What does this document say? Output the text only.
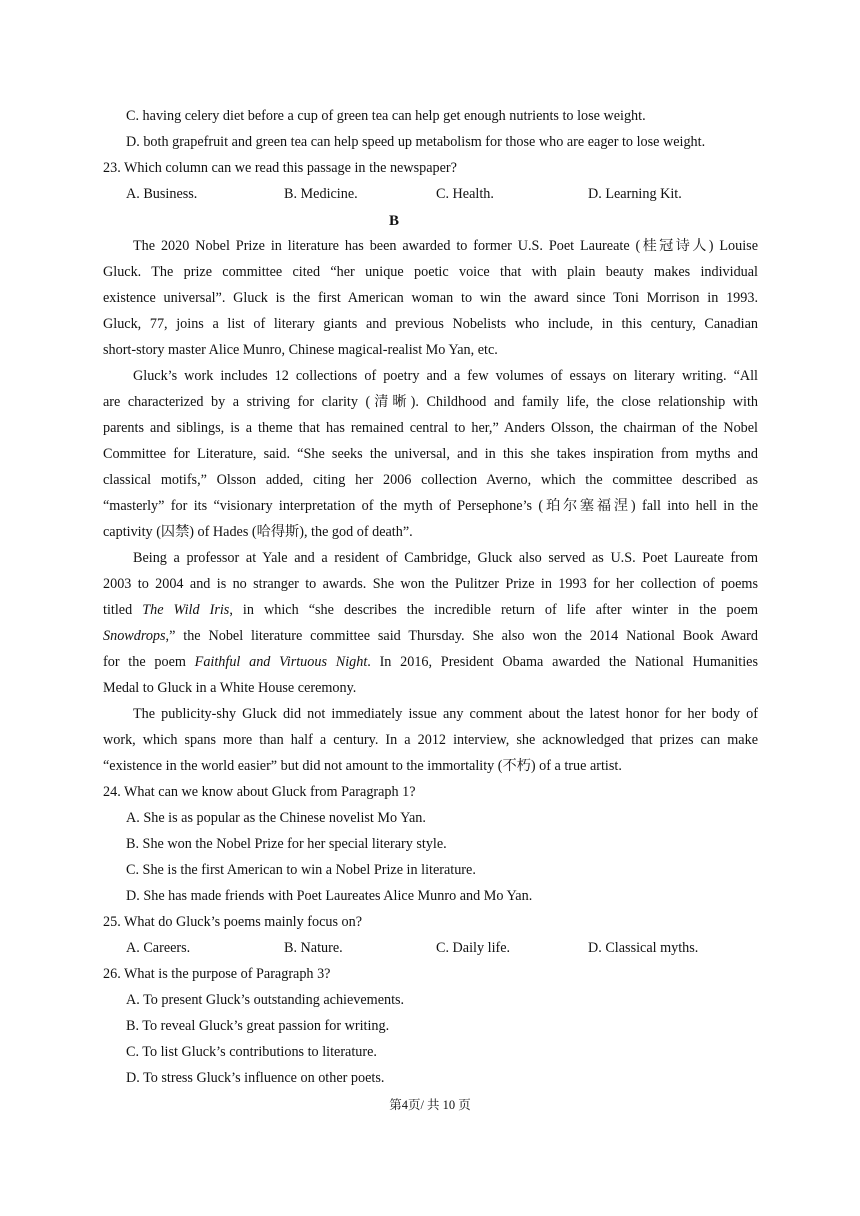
C. having celery diet before a cup of green tea can help get enough nutrients to lose weight.
D. both grapefruit and green tea can help speed up metabolism for those who are eager to lose weight.
23. Which column can we read this passage in the newspaper?
A. Business.	B. Medicine.	C. Health.	D. Learning Kit.
B
The 2020 Nobel Prize in literature has been awarded to former U.S. Poet Laureate (桂冠诗人) Louise
Gluck. The prize committee cited “her unique poetic voice that with plain beauty makes individual
existence universal”. Gluck is the first American woman to win the award since Toni Morrison in 1993.
Gluck, 77, joins a list of literary giants and previous Nobelists who include, in this century, Canadian
short-story master Alice Munro, Chinese magical-realist Mo Yan, etc.
Gluck’s work includes 12 collections of poetry and a few volumes of essays on literary writing. “All
are characterized by a striving for clarity (清晰). Childhood and family life, the close relationship with
parents and siblings, is a theme that has remained central to her,” Anders Olsson, the chairman of the Nobel
Committee for Literature, said. “She seeks the universal, and in this she takes inspiration from myths and
classical motifs,” Olsson added, citing her 2006 collection Averno, which the committee described as
“masterly” for its “visionary interpretation of the myth of Persephone’s (珀尔塞福涅) fall into hell in the
captivity (囚禁) of Hades (哈得斯), the god of death”.
Being a professor at Yale and a resident of Cambridge, Gluck also served as U.S. Poet Laureate from
2003 to 2004 and is no stranger to awards. She won the Pulitzer Prize in 1993 for her collection of poems
titled The Wild Iris, in which “she describes the incredible return of life after winter in the poem
Snowdrops,” the Nobel literature committee said Thursday. She also won the 2014 National Book Award
for the poem Faithful and Virtuous Night. In 2016, President Obama awarded the National Humanities
Medal to Gluck in a White House ceremony.
The publicity-shy Gluck did not immediately issue any comment about the latest honor for her body of
work, which spans more than half a century. In a 2012 interview, she acknowledged that prizes can make
“existence in the world easier” but did not amount to the immortality (不朽) of a true artist.
24. What can we know about Gluck from Paragraph 1?
A. She is as popular as the Chinese novelist Mo Yan.
B. She won the Nobel Prize for her special literary style.
C. She is the first American to win a Nobel Prize in literature.
D. She has made friends with Poet Laureates Alice Munro and Mo Yan.
25. What do Gluck’s poems mainly focus on?
A. Careers.	B. Nature.	C. Daily life.	D. Classical myths.
26. What is the purpose of Paragraph 3?
A. To present Gluck’s outstanding achievements.
B. To reveal Gluck’s great passion for writing.
C. To list Gluck’s contributions to literature.
D. To stress Gluck’s influence on other poets.
第4页/ 共 10 页
